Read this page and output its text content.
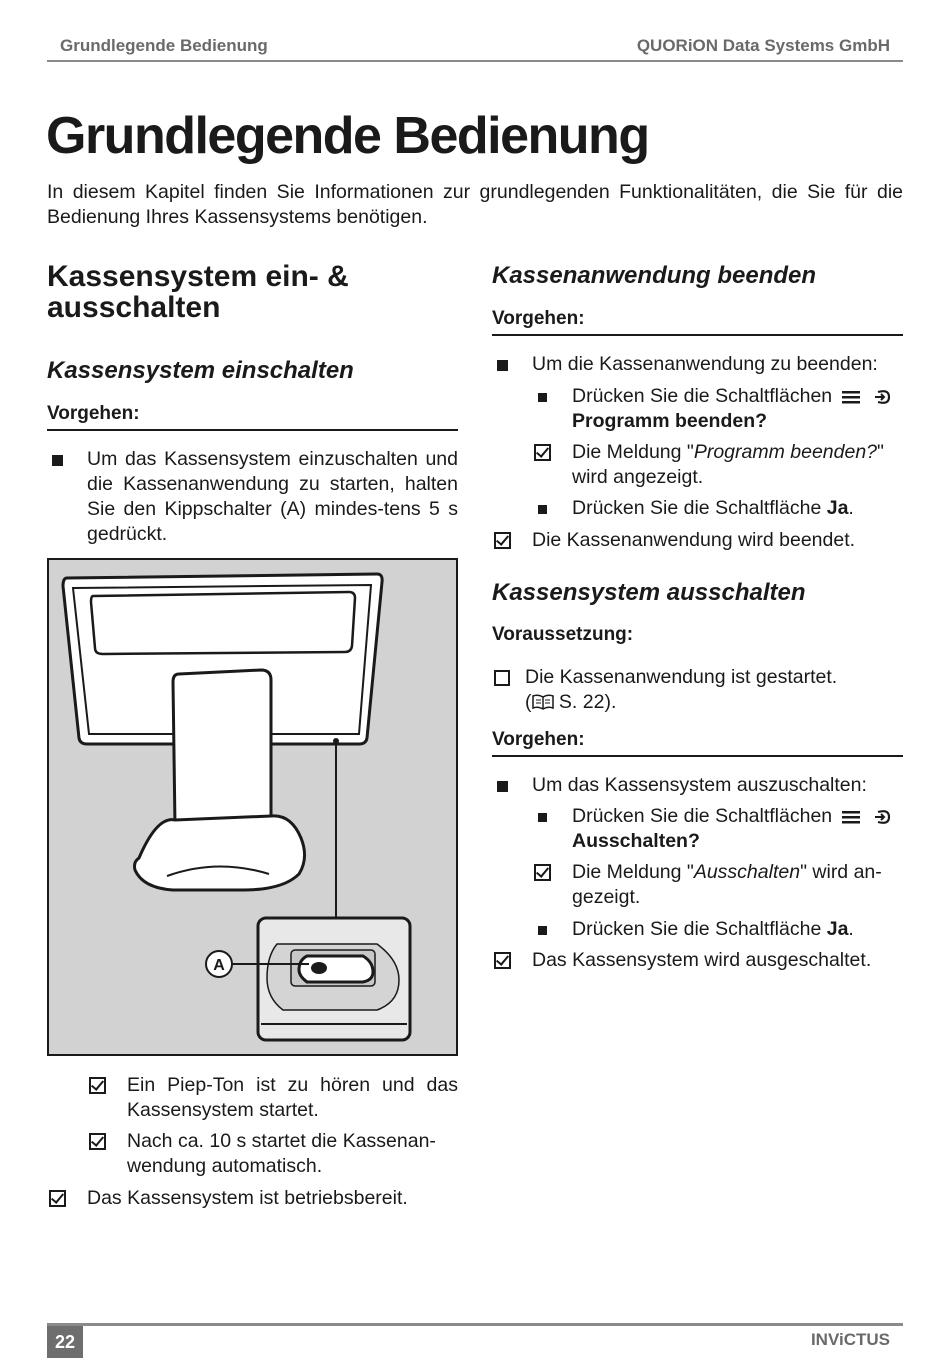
Grundlegende Bedienung	QUORiON Data Systems GmbH
Grundlegende Bedienung

In diesem Kapitel finden Sie Informationen zur grundlegenden Funktionalitäten, die Sie für die Bedienung Ihres Kassensystems benötigen.

Kassensystem ein- &
ausschalten
Kassensystem einschalten
Vorgehen:
Um das Kassensystem einzuschalten und die Kassenanwendung zu starten, halten Sie den Kippschalter (A) mindes-tens 5 s gedrückt.
A
Ein Piep-Ton ist zu hören und das Kassensystem startet.
Nach ca. 10 s startet die Kassenan-wendung automatisch.
Das Kassensystem ist betriebsbereit.
Kassenanwendung beenden
Vorgehen:
Um die Kassenanwendung zu beenden:
Drücken Sie die Schaltflächen
Programm beenden?
Die Meldung "Programm beenden?" wird angezeigt.
Drücken Sie die Schaltfläche Ja.
Die Kassenanwendung wird beendet.
Kassensystem ausschalten
Voraussetzung:
Die Kassenanwendung ist gestartet.
( S. 22).
Vorgehen:
Um das Kassensystem auszuschalten:
Drücken Sie die Schaltflächen
Ausschalten?
Die Meldung "Ausschalten" wird an-gezeigt.
Drücken Sie die Schaltfläche Ja.
Das Kassensystem wird ausgeschaltet.
22	INViCTUS
